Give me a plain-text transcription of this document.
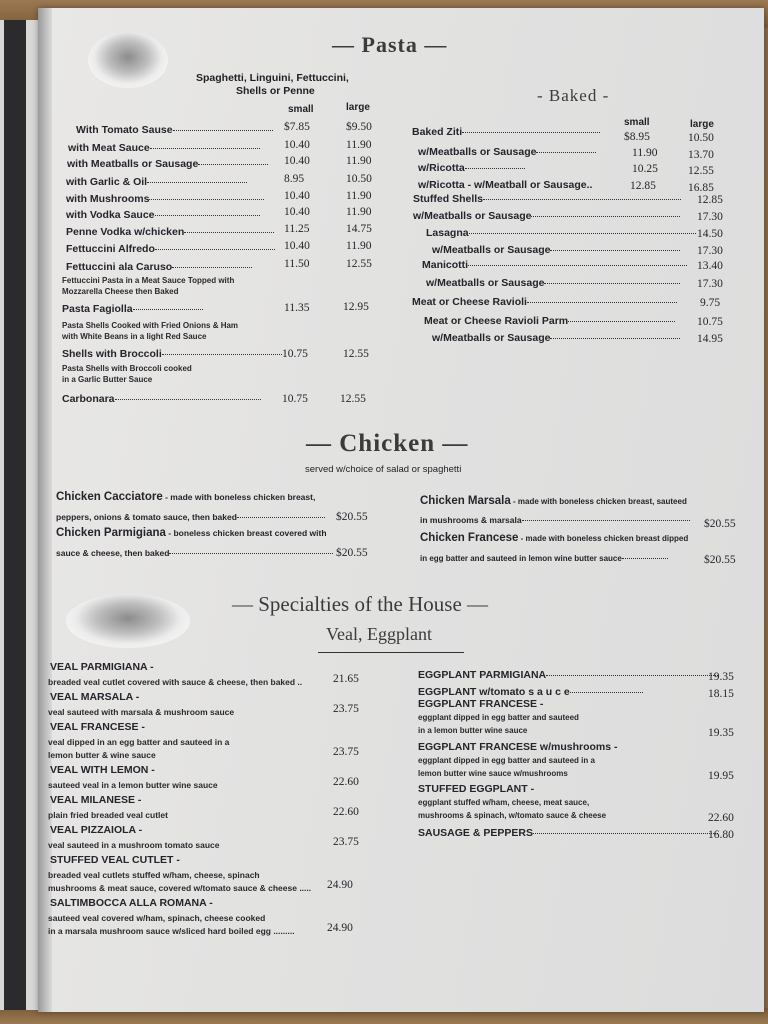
— Pasta —
Spaghetti, Linguini, Fettuccini,
Shells or Penne
small	large
Fettuccini Pasta in a Meat Sauce Topped with
Mozzarella Cheese then Baked
Pasta Fagiolla	11.35	12.95
Pasta Shells Cooked with Fried Onions & Ham
with White Beans in a light Red Sauce
Shells with Broccoli	10.75	12.55
Pasta Shells with Broccoli cooked
in a Garlic Butter Sauce
Carbonara	10.75	12.55
- Baked -
small	large
Baked Ziti	$8.95	10.50
— Chicken —
served w/choice of salad or spaghetti
Chicken Cacciatore - made with boneless chicken breast,
peppers, onions & tomato sauce, then baked	$20.55
Chicken Parmigiana - boneless chicken breast covered with
sauce & cheese, then baked	$20.55
Chicken Marsala - made with boneless chicken breast, sauteed
in mushrooms & marsala	$20.55
Chicken Francese - made with boneless chicken breast dipped
in egg batter and sauteed in lemon wine butter sauce	$20.55
— Specialties of the House —
Veal, Eggplant
With Tomato Sause	$7.85	$9.50
with Meat Sauce	10.40	11.90
with Meatballs or Sausage	10.40	11.90
with Garlic & Oil	8.95	10.50
with Mushrooms	10.40	11.90
with Vodka Sauce	10.40	11.90
Penne Vodka w/chicken	11.25	14.75
Fettuccini Alfredo	10.40	11.90
Fettuccini ala Caruso	11.50	12.55
w/Meatballs or Sausage	11.90	13.70
w/Ricotta	10.25	12.55
w/Ricotta - w/Meatball or Sausage..	12.85	16.85
Stuffed Shells	12.85
w/Meatballs or Sausage	17.30
Lasagna	14.50
w/Meatballs or Sausage	17.30
Manicotti	13.40
w/Meatballs or Sausage	17.30
Meat or Cheese Ravioli	9.75
Meat or Cheese Ravioli Parm	10.75
w/Meatballs or Sausage	14.95
VEAL PARMIGIANA -
breaded veal cutlet covered with sauce & cheese, then baked ..	21.65
VEAL MARSALA -
veal sauteed with marsala & mushroom sauce	23.75
VEAL FRANCESE -
veal dipped in an egg batter and sauteed in a
lemon butter & wine sauce	23.75
VEAL WITH LEMON -
sauteed veal in a lemon butter wine sauce	22.60
VEAL MILANESE -
plain fried breaded veal cutlet	22.60
VEAL PIZZAIOLA -
veal sauteed in a mushroom tomato sauce	23.75
STUFFED VEAL CUTLET -
breaded veal cutlets stuffed w/ham, cheese, spinach
mushrooms & meat sauce, covered w/tomato sauce & cheese ..... 24.90
SALTIMBOCCA ALLA ROMANA -
sauteed veal covered w/ham, spinach, cheese cooked
in a marsala mushroom sauce w/sliced hard boiled egg .........	24.90
EGGPLANT PARMIGIANA	19.35
EGGPLANT w/tomato s a u c e	18.15
EGGPLANT FRANCESE -
eggplant dipped in egg batter and sauteed
in a lemon butter wine sauce	19.35
EGGPLANT FRANCESE w/mushrooms -
eggplant dipped in egg batter and sauteed in a
lemon butter wine sauce w/mushrooms	19.95
STUFFED EGGPLANT -
eggplant stuffed w/ham, cheese, meat sauce,
mushrooms & spinach, w/tomato sauce & cheese	22.60
SAUSAGE & PEPPERS	16.80
